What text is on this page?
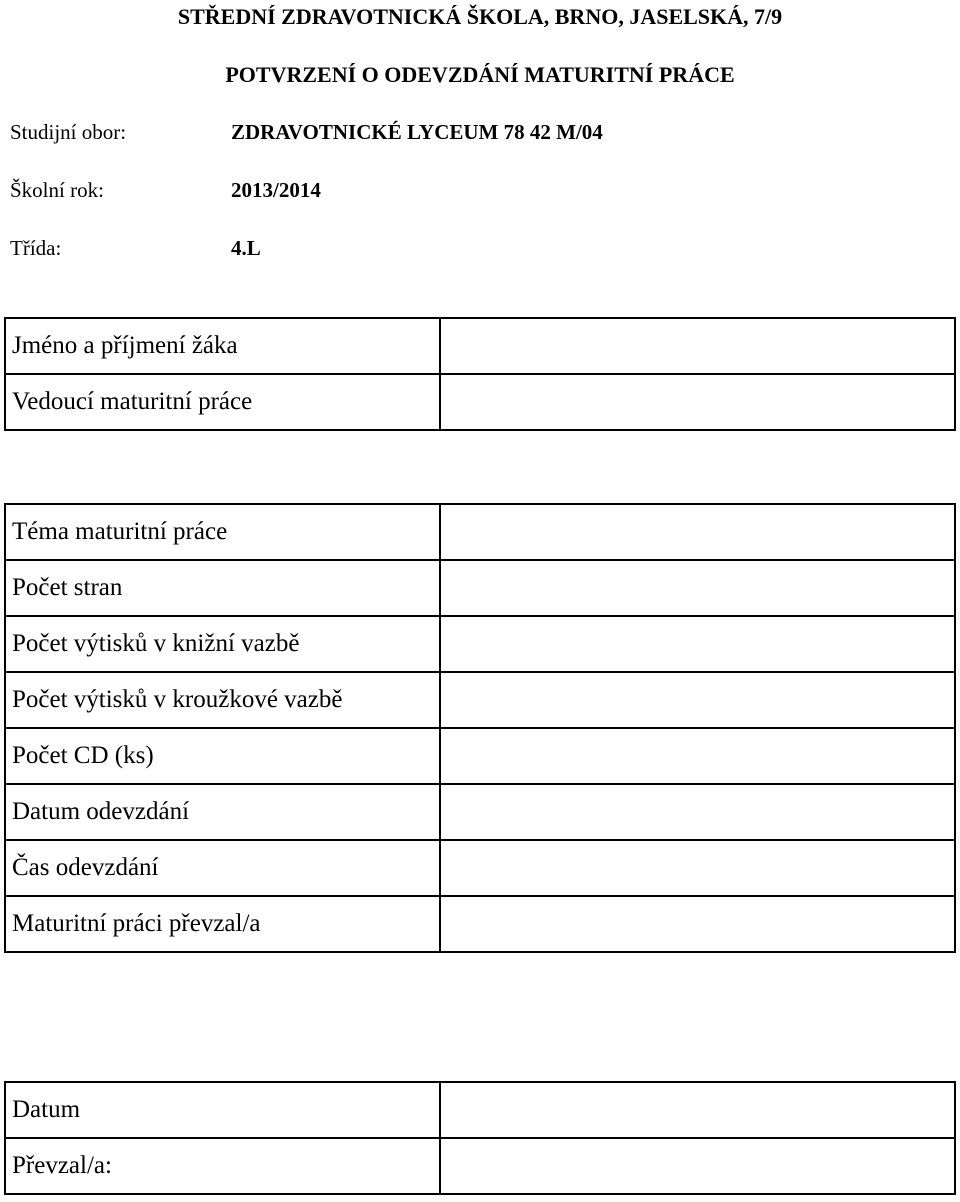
STŘEDNÍ ZDRAVOTNICKÁ ŠKOLA, BRNO, JASELSKÁ, 7/9
POTVRZENÍ O ODEVZDÁNÍ MATURITNÍ PRÁCE
Studijní obor:	ZDRAVOTNICKÉ LYCEUM 78 42 M/04
Školní rok:	2013/2014
Třída:	4.L
Jméno a příjmení žáka	
Vedoucí maturitní práce	
Téma maturitní práce	
Počet stran	
Počet výtisků v knižní vazbě	
Počet výtisků v kroužkové vazbě	
Počet CD (ks)	
Datum odevzdání	
Čas odevzdání	
Maturitní práci převzal/a	
Datum	
Převzal/a:	
